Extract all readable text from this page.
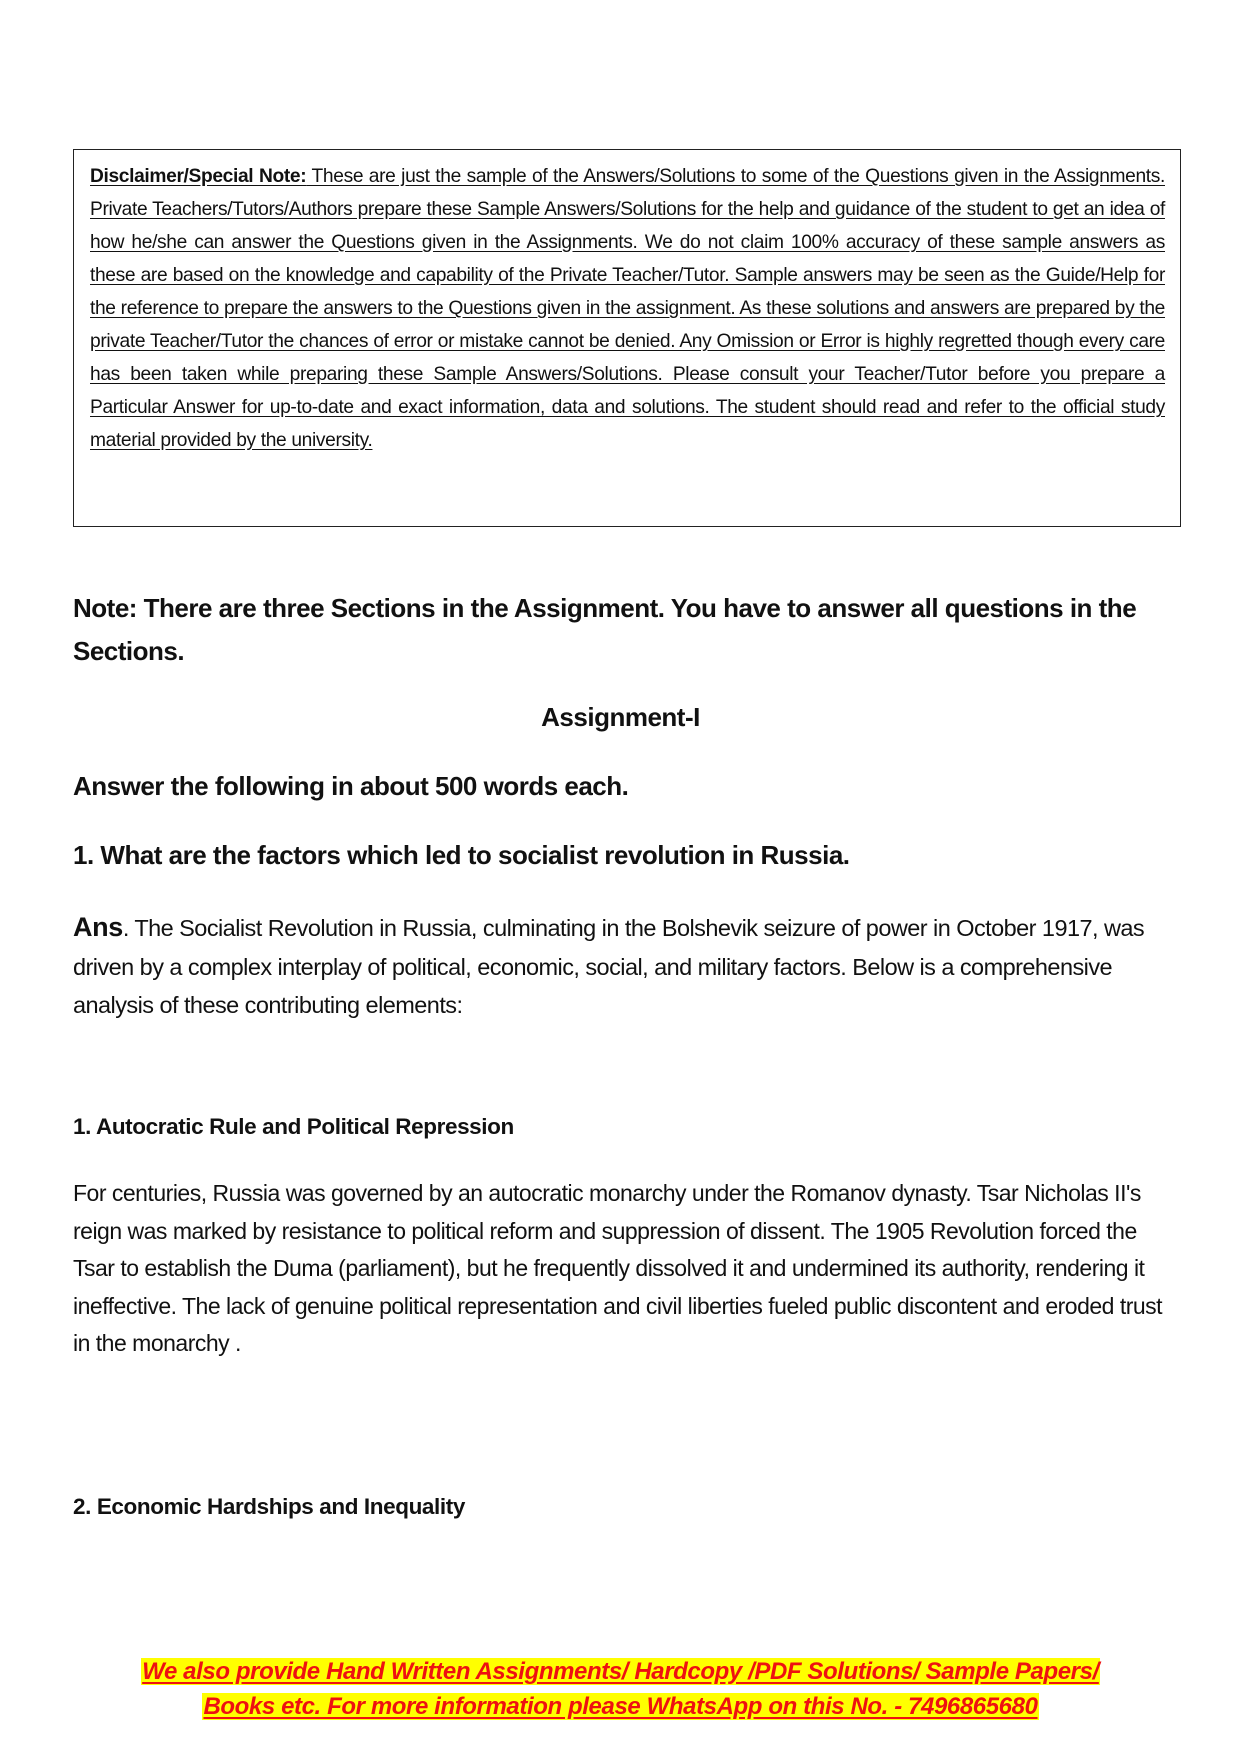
Disclaimer/Special Note: These are just the sample of the Answers/Solutions to some of the Questions given in the Assignments. Private Teachers/Tutors/Authors prepare these Sample Answers/Solutions for the help and guidance of the student to get an idea of how he/she can answer the Questions given in the Assignments. We do not claim 100% accuracy of these sample answers as these are based on the knowledge and capability of the Private Teacher/Tutor. Sample answers may be seen as the Guide/Help for the reference to prepare the answers to the Questions given in the assignment. As these solutions and answers are prepared by the private Teacher/Tutor the chances of error or mistake cannot be denied. Any Omission or Error is highly regretted though every care has been taken while preparing these Sample Answers/Solutions. Please consult your Teacher/Tutor before you prepare a Particular Answer for up-to-date and exact information, data and solutions. The student should read and refer to the official study material provided by the university.

Note: There are three Sections in the Assignment. You have to answer all questions in the Sections.

Assignment-I

Answer the following in about 500 words each.

1. What are the factors which led to socialist revolution in Russia.

Ans. The Socialist Revolution in Russia, culminating in the Bolshevik seizure of power in October 1917, was driven by a complex interplay of political, economic, social, and military factors. Below is a comprehensive analysis of these contributing elements:

1. Autocratic Rule and Political Repression

For centuries, Russia was governed by an autocratic monarchy under the Romanov dynasty. Tsar Nicholas II's reign was marked by resistance to political reform and suppression of dissent. The 1905 Revolution forced the Tsar to establish the Duma (parliament), but he frequently dissolved it and undermined its authority, rendering it ineffective. The lack of genuine political representation and civil liberties fueled public discontent and eroded trust in the monarchy .

2. Economic Hardships and Inequality
We also provide Hand Written Assignments/ Hardcopy /PDF Solutions/ Sample Papers/
Books etc. For more information please WhatsApp on this No. - 7496865680
